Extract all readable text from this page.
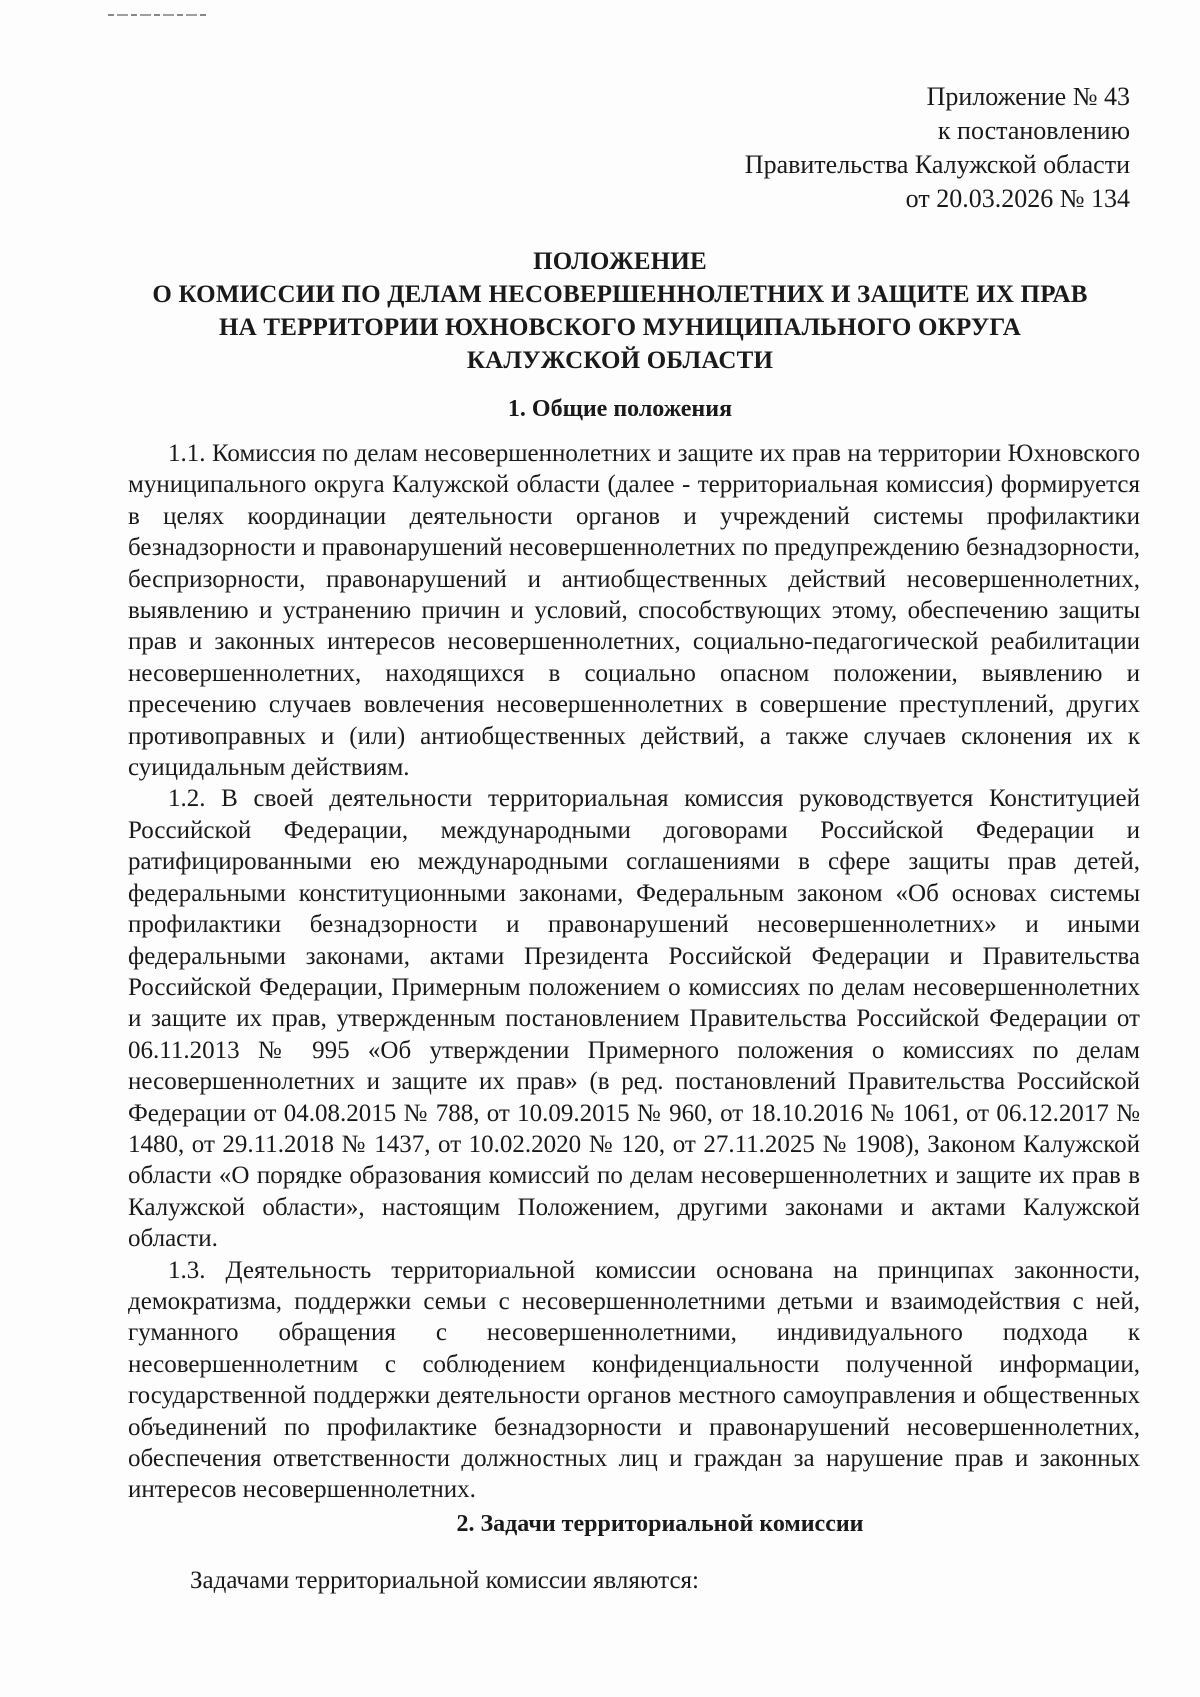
Приложение № 43
к постановлению
Правительства Калужской области
от 20.03.2026 № 134
ПОЛОЖЕНИЕ
О КОМИССИИ ПО ДЕЛАМ НЕСОВЕРШЕННОЛЕТНИХ И ЗАЩИТЕ ИХ ПРАВ
НА ТЕРРИТОРИИ ЮХНОВСКОГО МУНИЦИПАЛЬНОГО ОКРУГА
КАЛУЖСКОЙ ОБЛАСТИ
1. Общие положения

1.1. Комиссия по делам несовершеннолетних и защите их прав на территории Юхновского муниципального округа Калужской области (далее - территориальная комиссия) формируется в целях координации деятельности органов и учреждений системы профилактики безнадзорности и правонарушений несовершеннолетних по предупреждению безнадзорности, беспризорности, правонарушений и антиобщественных действий несовершеннолетних, выявлению и устранению причин и условий, способствующих этому, обеспечению защиты прав и законных интересов несовершеннолетних, социально-педагогической реабилитации несовершеннолетних, находящихся в социально опасном положении, выявлению и пресечению случаев вовлечения несовершеннолетних в совершение преступлений, других противоправных и (или) антиобщественных действий, а также случаев склонения их к суицидальным действиям.

1.2. В своей деятельности территориальная комиссия руководствуется Конституцией Российской Федерации, международными договорами Российской Федерации и ратифицированными ею международными соглашениями в сфере защиты прав детей, федеральными конституционными законами, Федеральным законом «Об основах системы профилактики безнадзорности и правонарушений несовершеннолетних» и иными федеральными законами, актами Президента Российской Федерации и Правительства Российской Федерации, Примерным положением о комиссиях по делам несовершеннолетних и защите их прав, утвержденным постановлением Правительства Российской Федерации от 06.11.2013 № 995 «Об утверждении Примерного положения о комиссиях по делам несовершеннолетних и защите их прав» (в ред. постановлений Правительства Российской Федерации от 04.08.2015 № 788, от 10.09.2015 № 960, от 18.10.2016 № 1061, от 06.12.2017 № 1480, от 29.11.2018 № 1437, от 10.02.2020 № 120, от 27.11.2025 № 1908), Законом Калужской области «О порядке образования комиссий по делам несовершеннолетних и защите их прав в Калужской области», настоящим Положением, другими законами и актами Калужской области.

1.3. Деятельность территориальной комиссии основана на принципах законности, демократизма, поддержки семьи с несовершеннолетними детьми и взаимодействия с ней, гуманного обращения с несовершеннолетними, индивидуального подхода к несовершеннолетним с соблюдением конфиденциальности полученной информации, государственной поддержки деятельности органов местного самоуправления и общественных объединений по профилактике безнадзорности и правонарушений несовершеннолетних, обеспечения ответственности должностных лиц и граждан за нарушение прав и законных интересов несовершеннолетних.

2. Задачи территориальной комиссии
Задачами территориальной комиссии являются:
